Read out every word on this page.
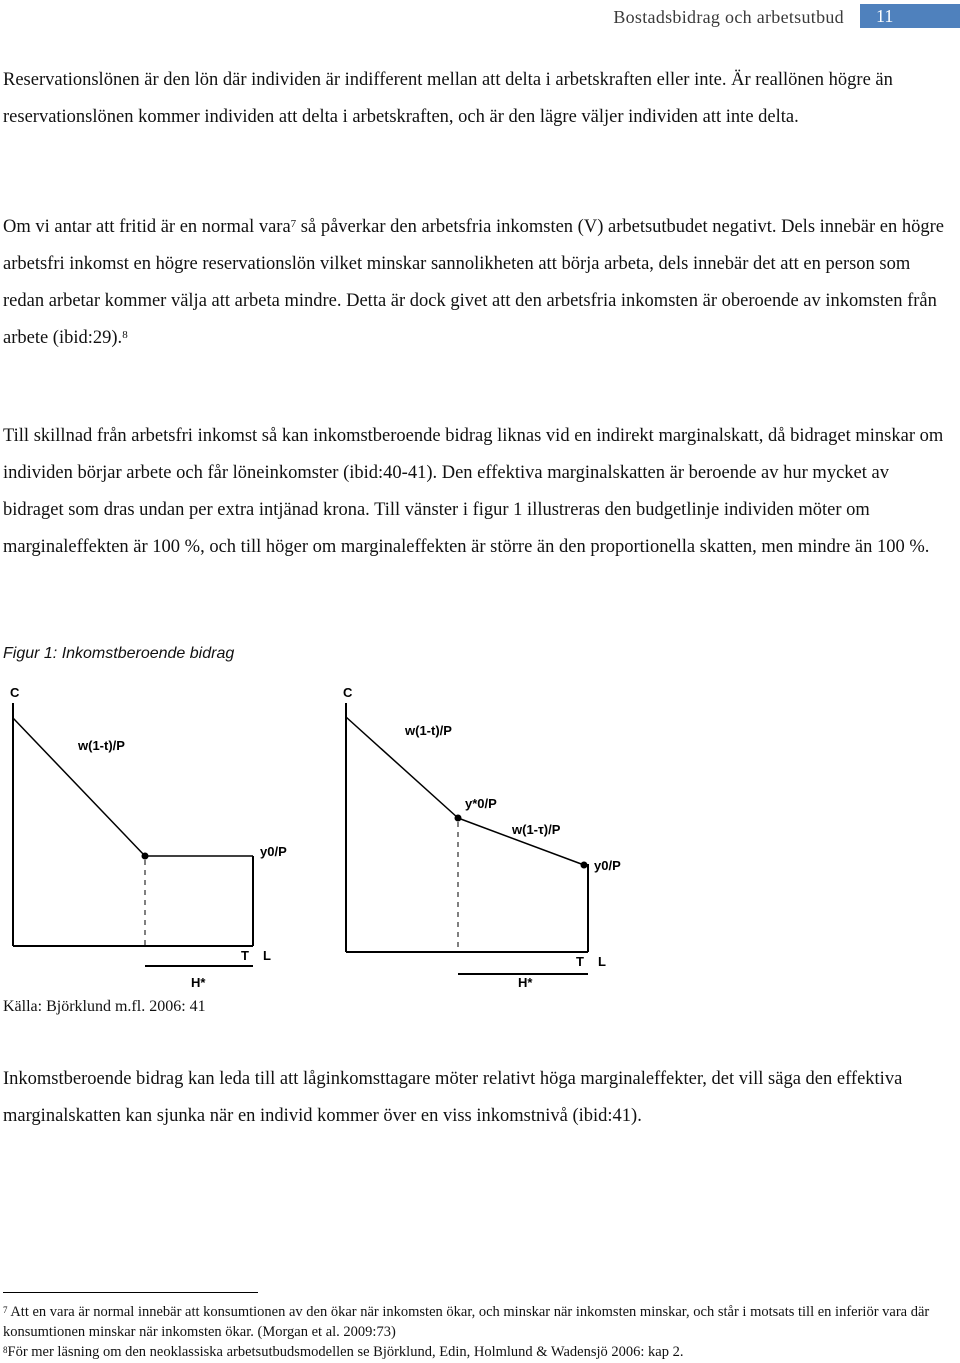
Bostadsbidrag och arbetsutbud 11

Reservationslönen är den lön där individen är indifferent mellan att delta i arbetskraften eller inte. Är reallönen högre än reservationslönen kommer individen att delta i arbetskraften, och är den lägre väljer individen att inte delta.

Om vi antar att fritid är en normal vara$^7$ så påverkar den arbetsfria inkomsten (V) arbetsutbudet negativt. Dels innebär en högre arbetsfri inkomst en högre reservationslön vilket minskar sannolikheten att börja arbeta, dels innebär det att en person som redan arbetar kommer välja att arbeta mindre. Detta är dock givet att den arbetsfria inkomsten är oberoende av inkomsten från arbete (ibid:29).$^8$

Till skillnad från arbetsfri inkomst så kan inkomstberoende bidrag liknas vid en indirekt marginalskatt, då bidraget minskar om individen börjar arbete och får löneinkomster (ibid:40-41). Den effektiva marginalskatten är beroende av hur mycket av bidraget som dras undan per extra intjänad krona. Till vänster i figur 1 illustreras den budgetlinje individen möter om marginaleffekten är 100 %, och till höger om marginaleffekten är större än den proportionella skatten, men mindre än 100 %.

Figur 1: Inkomstberoende bidrag
C
w(1-t)/P
y0/P
T L
H*
C
w(1-t)/P
y*0/P
w(1-τ)/P
y0/P
T L
H*
Källa: Björklund m.fl. 2006: 41

Inkomstberoende bidrag kan leda till att låginkomsttagare möter relativt höga marginaleffekter, det vill säga den effektiva marginalskatten kan sjunka när en individ kommer över en viss inkomstnivå (ibid:41).

$^7$ Att en vara är normal innebär att konsumtionen av den ökar när inkomsten ökar, och minskar när inkomsten minskar, och står i motsats till en inferiör vara där konsumtionen minskar när inkomsten ökar. (Morgan et al. 2009:73)

$^8$För mer läsning om den neoklassiska arbetsutbudsmodellen se Björklund, Edin, Holmlund & Wadensjö 2006: kap 2.
